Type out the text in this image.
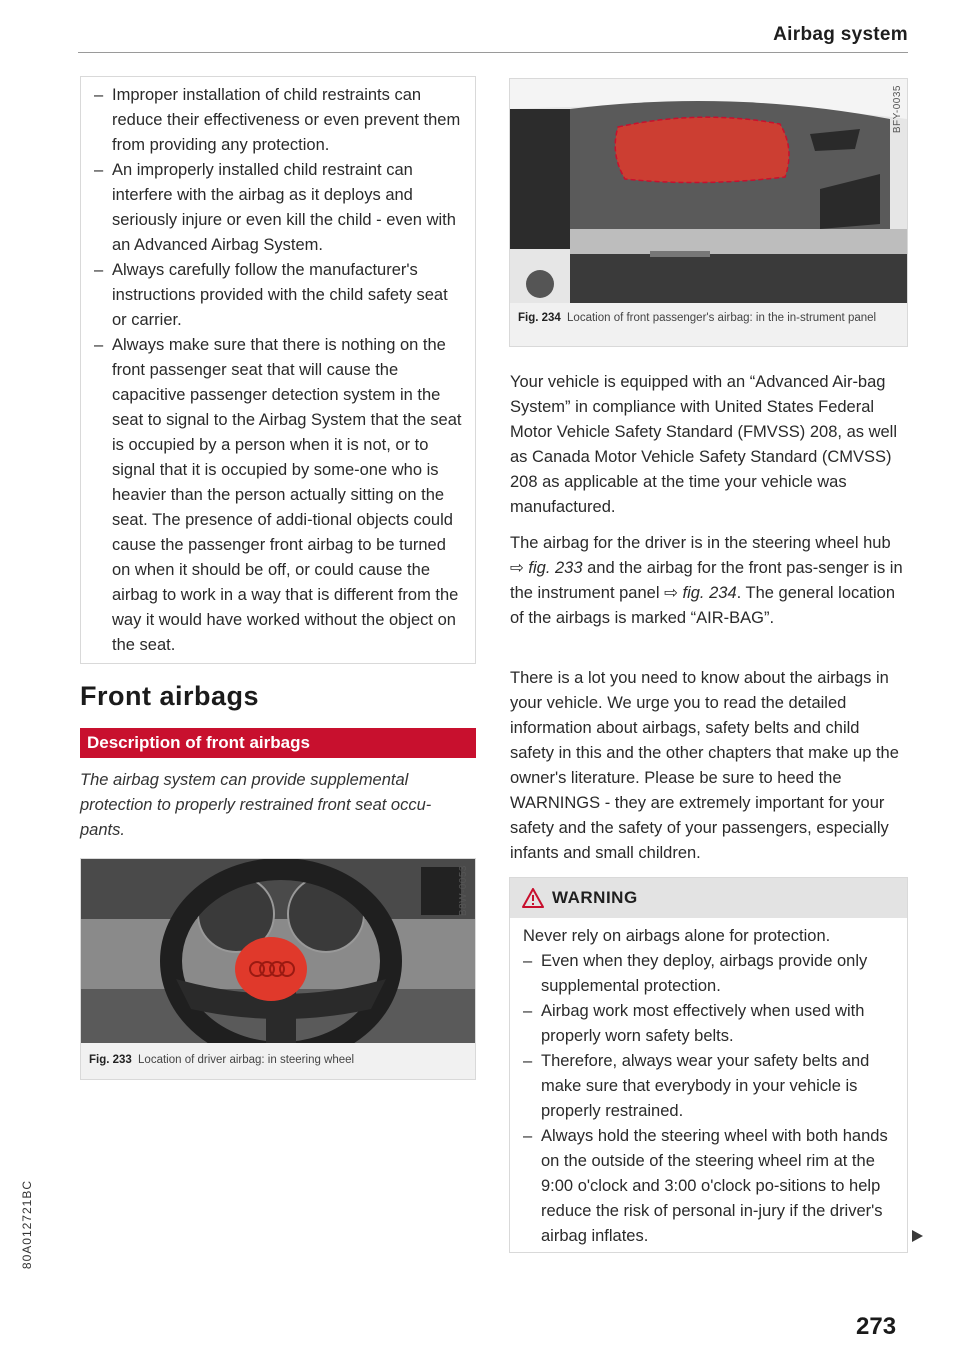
Airbag system
– Improper installation of child restraints can reduce their effectiveness or even prevent them from providing any protection.
– An improperly installed child restraint can interfere with the airbag as it deploys and seriously injure or even kill the child - even with an Advanced Airbag System.
– Always carefully follow the manufacturer's instructions provided with the child safety seat or carrier.
– Always make sure that there is nothing on the front passenger seat that will cause the capacitive passenger detection system in the seat to signal to the Airbag System that the seat is occupied by a person when it is not, or to signal that it is occupied by some-one who is heavier than the person actually sitting on the seat. The presence of addi-tional objects could cause the passenger front airbag to be turned on when it should be off, or could cause the airbag to work in a way that is different from the way it would have worked without the object on the seat.
Front airbags
Description of front airbags
The airbag system can provide supplemental protection to properly restrained front seat occu-pants.
B8W-0053
Fig. 233 Location of driver airbag: in steering wheel
BFY-0035
Fig. 234 Location of front passenger's airbag: in the in-strument panel

Your vehicle is equipped with an “Advanced Air-bag System” in compliance with United States Federal Motor Vehicle Safety Standard (FMVSS) 208, as well as Canada Motor Vehicle Safety Standard (CMVSS) 208 as applicable at the time your vehicle was manufactured.

The airbag for the driver is in the steering wheel hub ⇨ fig. 233 and the airbag for the front pas-senger is in the instrument panel ⇨ fig. 234. The general location of the airbags is marked “AIR-BAG”.

There is a lot you need to know about the airbags in your vehicle. We urge you to read the detailed information about airbags, safety belts and child safety in this and the other chapters that make up the owner's literature. Please be sure to heed the WARNINGS - they are extremely important for your safety and the safety of your passengers, especially infants and small children.

WARNING

Never rely on airbags alone for protection.

– Even when they deploy, airbags provide only supplemental protection.
– Airbag work most effectively when used with properly worn safety belts.
– Therefore, always wear your safety belts and make sure that everybody in your vehicle is properly restrained.
– Always hold the steering wheel with both hands on the outside of the steering wheel rim at the 9:00 o'clock and 3:00 o'clock po-sitions to help reduce the risk of personal in-jury if the driver's airbag inflates.
273
80A012721BC
